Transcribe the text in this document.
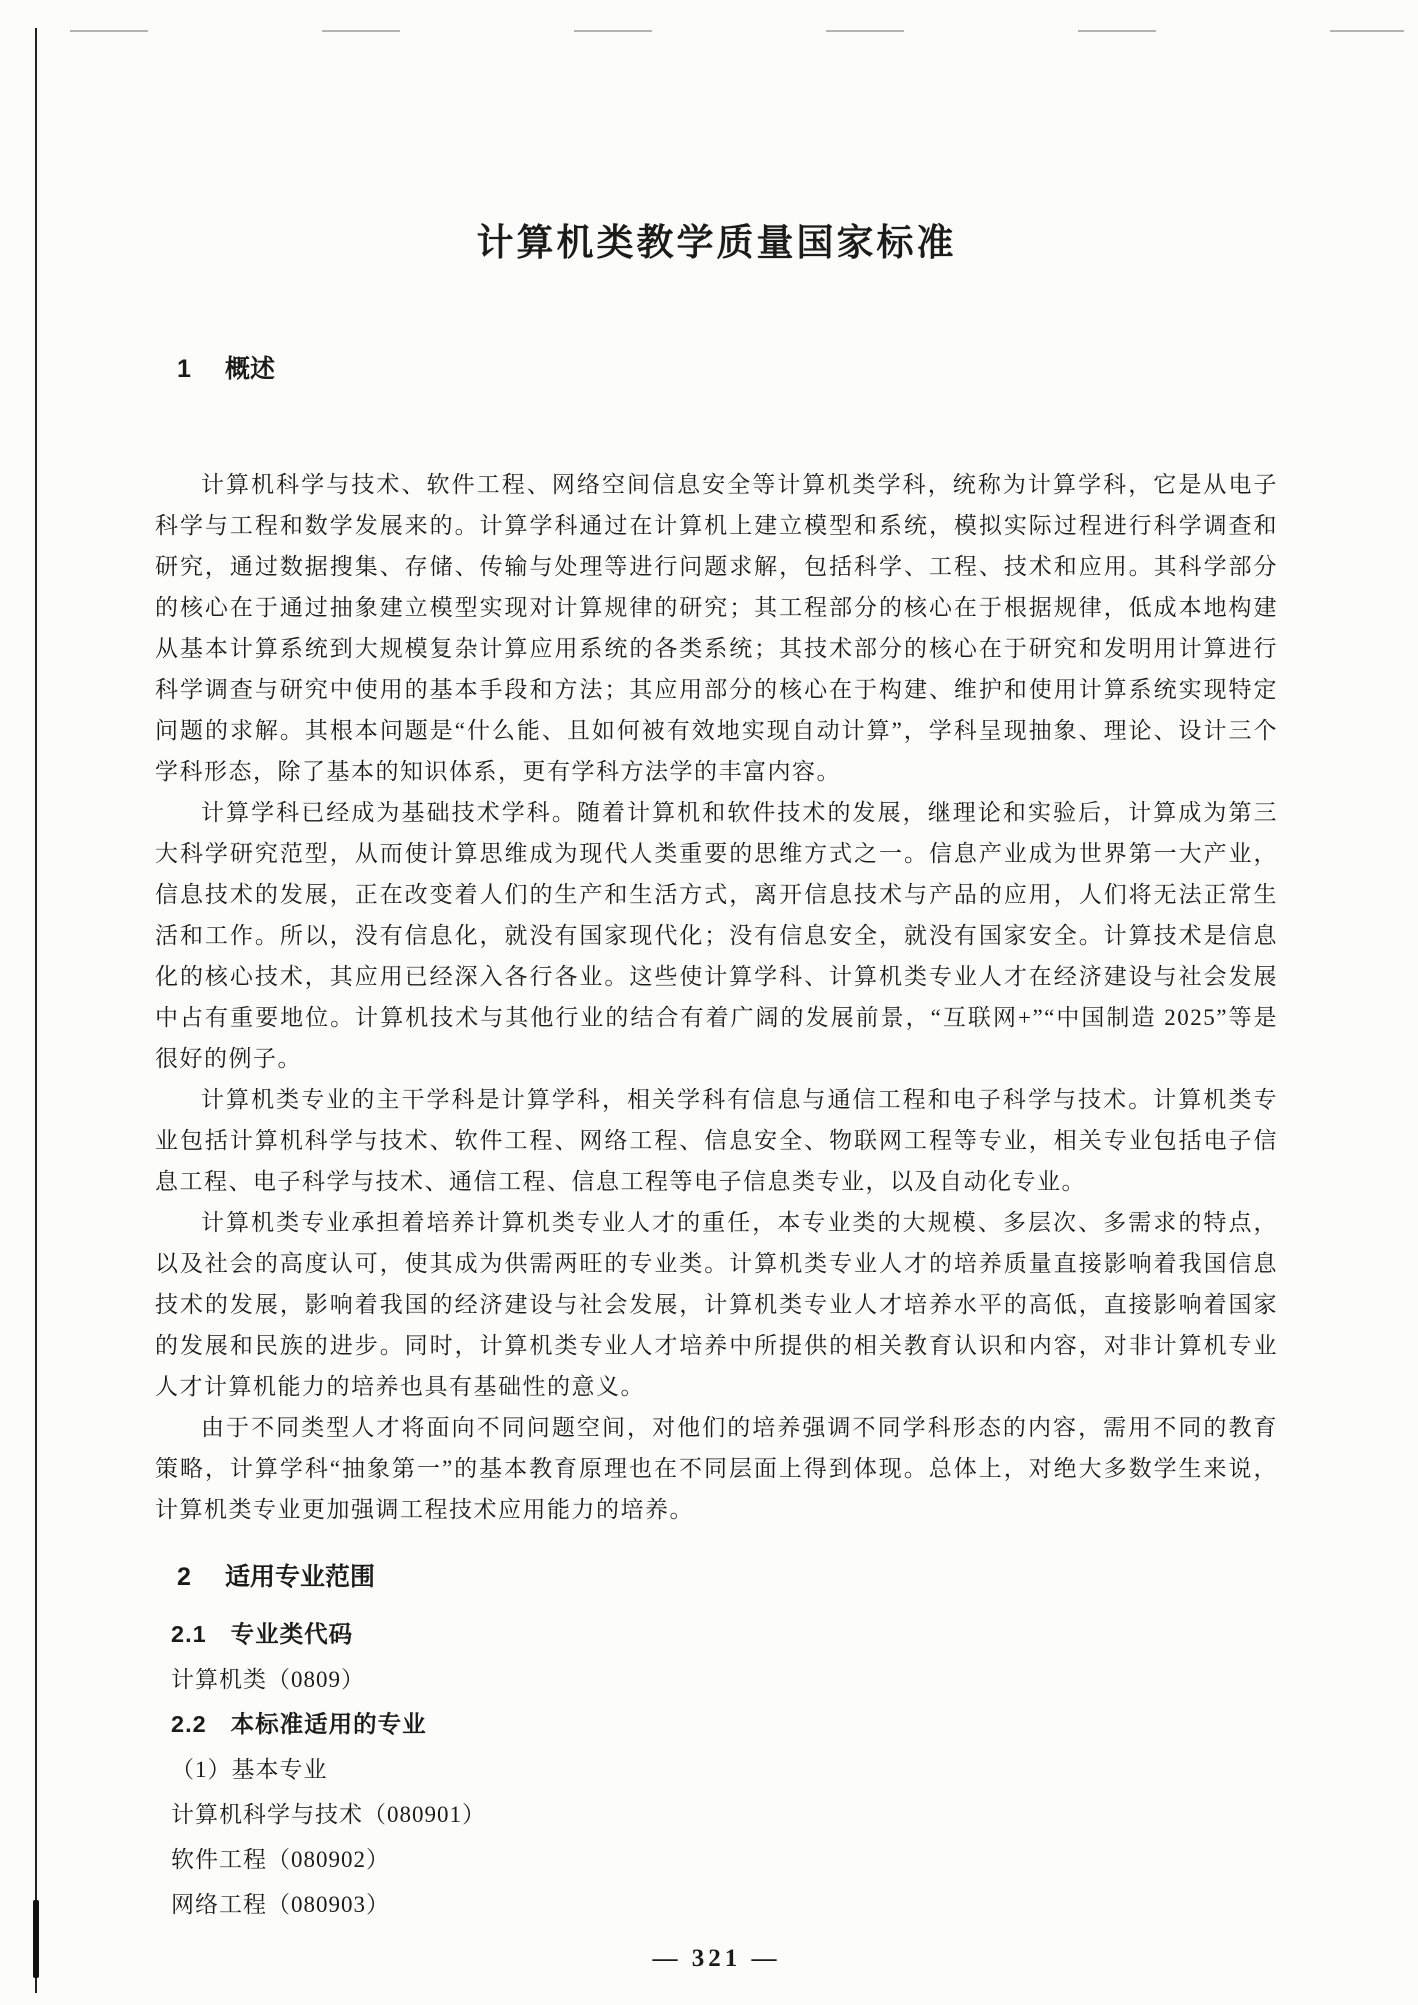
计算机类教学质量国家标准
1 概述

计算机科学与技术、软件工程、网络空间信息安全等计算机类学科，统称为计算学科，它是从电子科学与工程和数学发展来的。计算学科通过在计算机上建立模型和系统，模拟实际过程进行科学调查和研究，通过数据搜集、存储、传输与处理等进行问题求解，包括科学、工程、技术和应用。其科学部分的核心在于通过抽象建立模型实现对计算规律的研究；其工程部分的核心在于根据规律，低成本地构建从基本计算系统到大规模复杂计算应用系统的各类系统；其技术部分的核心在于研究和发明用计算进行科学调查与研究中使用的基本手段和方法；其应用部分的核心在于构建、维护和使用计算系统实现特定问题的求解。其根本问题是“什么能、且如何被有效地实现自动计算”，学科呈现抽象、理论、设计三个学科形态，除了基本的知识体系，更有学科方法学的丰富内容。

计算学科已经成为基础技术学科。随着计算机和软件技术的发展，继理论和实验后，计算成为第三大科学研究范型，从而使计算思维成为现代人类重要的思维方式之一。信息产业成为世界第一大产业，信息技术的发展，正在改变着人们的生产和生活方式，离开信息技术与产品的应用，人们将无法正常生活和工作。所以，没有信息化，就没有国家现代化；没有信息安全，就没有国家安全。计算技术是信息化的核心技术，其应用已经深入各行各业。这些使计算学科、计算机类专业人才在经济建设与社会发展中占有重要地位。计算机技术与其他行业的结合有着广阔的发展前景，“互联网+”“中国制造 2025”等是很好的例子。

计算机类专业的主干学科是计算学科，相关学科有信息与通信工程和电子科学与技术。计算机类专业包括计算机科学与技术、软件工程、网络工程、信息安全、物联网工程等专业，相关专业包括电子信息工程、电子科学与技术、通信工程、信息工程等电子信息类专业，以及自动化专业。

计算机类专业承担着培养计算机类专业人才的重任，本专业类的大规模、多层次、多需求的特点，以及社会的高度认可，使其成为供需两旺的专业类。计算机类专业人才的培养质量直接影响着我国信息技术的发展，影响着我国的经济建设与社会发展，计算机类专业人才培养水平的高低，直接影响着国家的发展和民族的进步。同时，计算机类专业人才培养中所提供的相关教育认识和内容，对非计算机专业人才计算机能力的培养也具有基础性的意义。

由于不同类型人才将面向不同问题空间，对他们的培养强调不同学科形态的内容，需用不同的教育策略，计算学科“抽象第一”的基本教育原理也在不同层面上得到体现。总体上，对绝大多数学生来说，计算机类专业更加强调工程技术应用能力的培养。

2 适用专业范围
2.1 专业类代码
计算机类（0809）
2.2 本标准适用的专业
（1）基本专业
计算机科学与技术（080901）
软件工程（080902）
网络工程（080903）
— 321 —
